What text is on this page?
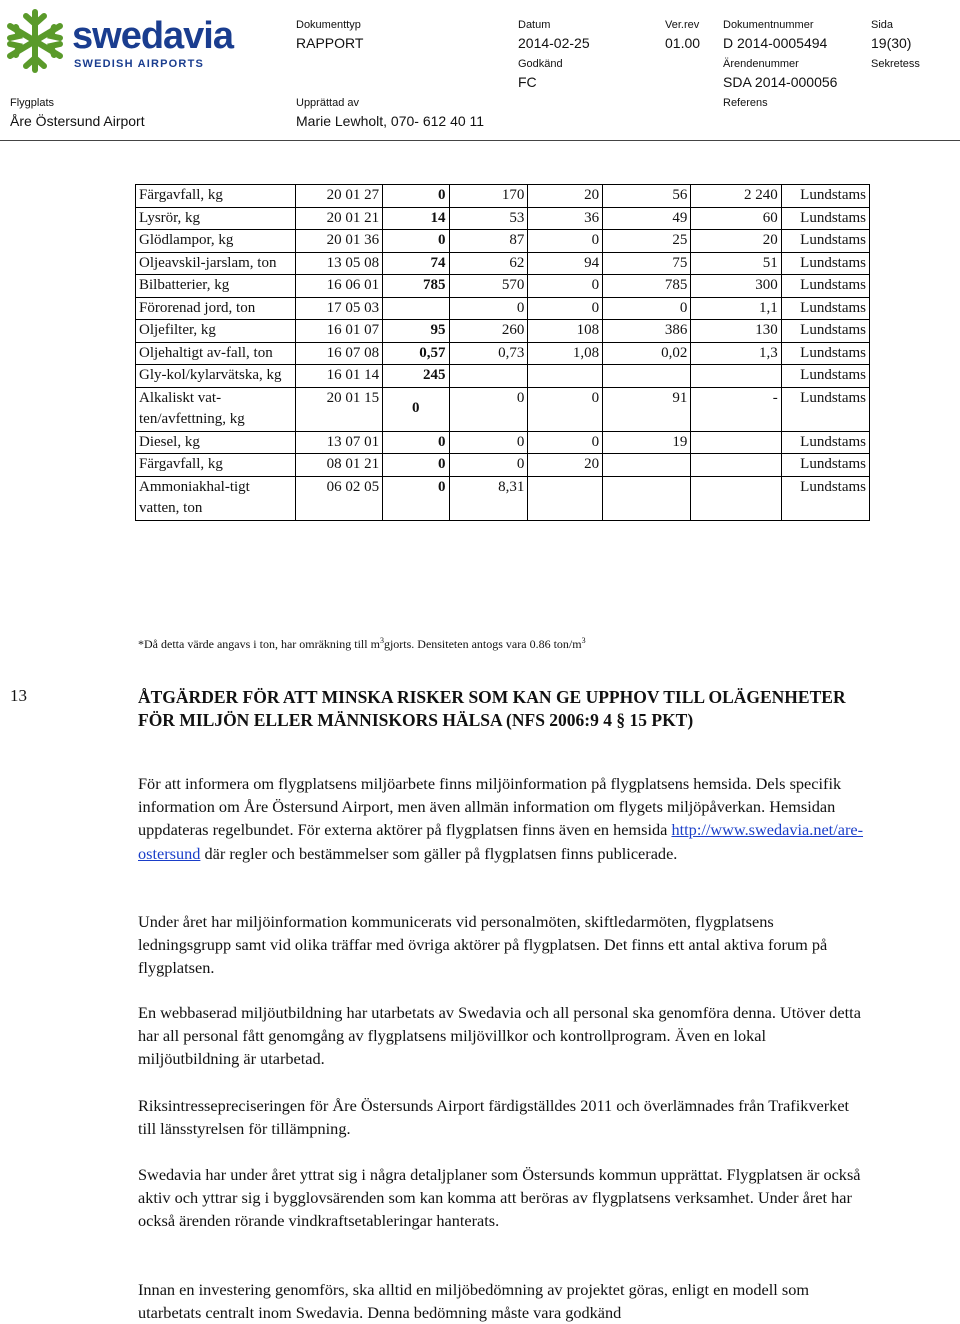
swedavia
SWEDISH AIRPORTS
Dokumenttyp
RAPPORT
Datum
2014-02-25
Ver.rev
01.00
Dokumentnummer
D 2014-0005494
Sida
19(30)
Godkänd
FC
Ärendenummer
SDA 2014-000056
Sekretess
Flygplats
Åre Östersund Airport
Upprättad av
Marie Lewholt, 070- 612 40 11
Referens
Färgavfall, kg	20 01 27	0	170	20	56	2 240	Lundstams
Lysrör, kg	20 01 21	14	53	36	49	60	Lundstams
Glödlampor, kg	20 01 36	0	87	0	25	20	Lundstams
Oljeavskil-jarslam, ton	13 05 08	74	62	94	75	51	Lundstams
Bilbatterier, kg	16 06 01	785	570	0	785	300	Lundstams
Förorenad jord, ton	17 05 03		0	0	0	1,1	Lundstams
Oljefilter, kg	16 01 07	95	260	108	386	130	Lundstams
Oljehaltigt av-fall, ton	16 07 08	0,57	0,73	1,08	0,02	1,3	Lundstams
Gly-kol/kylarvätska, kg	16 01 14	245					Lundstams
Alkaliskt vat-ten/avfettning, kg	20 01 15	0	0	0	91	-	Lundstams
Diesel, kg	13 07 01	0	0	0	19		Lundstams
Färgavfall, kg	08 01 21	0	0	20			Lundstams
Ammoniakhal-tigt vatten, ton	06 02 05	0	8,31				Lundstams
*Då detta värde angavs i ton, har omräkning till $m^3gjorts$. Densiteten antogs vara 0.86 ton/$m^3$
13	ÅTGÄRDER FÖR ATT MINSKA RISKER SOM KAN GE UPPHOV TILL OLÄGENHETER FÖR MILJÖN ELLER MÄNNISKORS HÄLSA (NFS 2006:9 4 § 15 PKT)

För att informera om flygplatsens miljöarbete finns miljöinformation på flygplatsens hemsida. Dels specifik information om Åre Östersund Airport, men även allmän information om flygets miljöpåverkan. Hemsidan uppdateras regelbundet. För externa aktörer på flygplatsen finns även en hemsida http://www.swedavia.net/are-ostersund där regler och bestämmelser som gäller på flygplatsen finns publicerade.

Under året har miljöinformation kommunicerats vid personalmöten, skiftledarmöten, flygplatsens ledningsgrupp samt vid olika träffar med övriga aktörer på flygplatsen. Det finns ett antal aktiva forum på flygplatsen.

En webbaserad miljöutbildning har utarbetats av Swedavia och all personal ska genomföra denna. Utöver detta har all personal fått genomgång av flygplatsens miljövillkor och kontrollprogram. Även en lokal miljöutbildning är utarbetad.

Riksintressepreciseringen för Åre Östersunds Airport färdigställdes 2011 och överlämnades från Trafikverket till länsstyrelsen för tillämpning.

Swedavia har under året yttrat sig i några detaljplaner som Östersunds kommun upprättat. Flygplatsen är också aktiv och yttrar sig i bygglovsärenden som kan komma att beröras av flygplatsens verksamhet. Under året har också ärenden rörande vindkraftsetableringar hanterats.

Innan en investering genomförs, ska alltid en miljöbedömning av projektet göras, enligt en modell som utarbetats centralt inom Swedavia. Denna bedömning måste vara godkänd
